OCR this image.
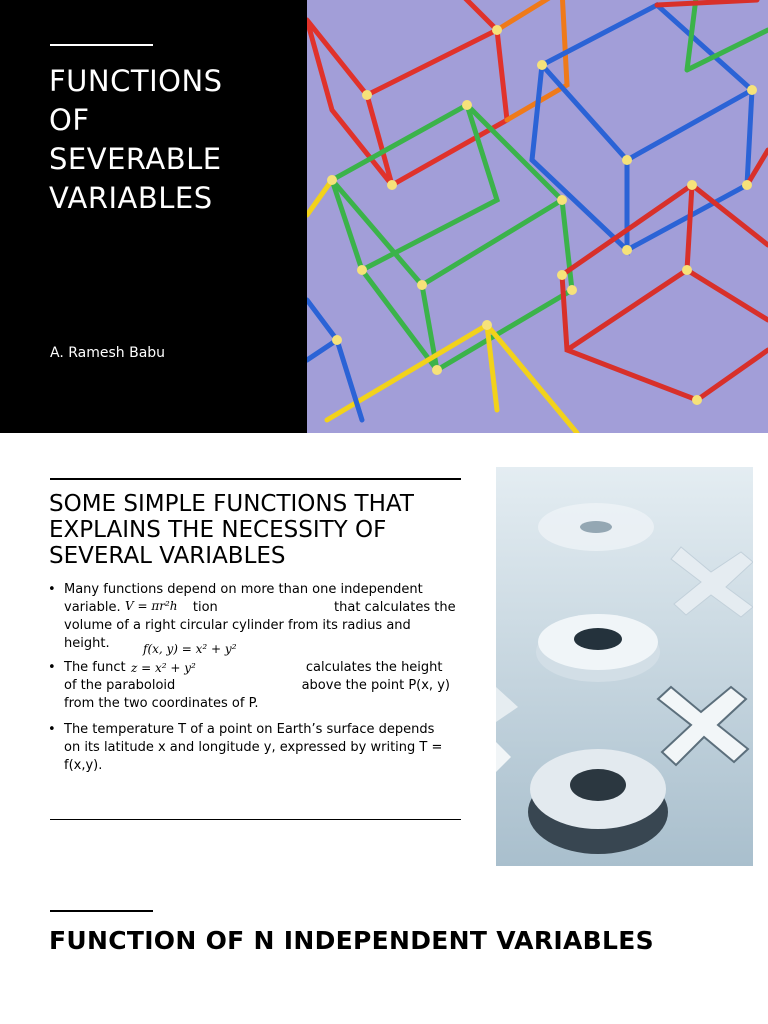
FUNCTIONS
OF
SEVERABLE
VARIABLES
A. Ramesh Babu
SOME SIMPLE FUNCTIONS THAT EXPLAINS THE NECESSITY OF SEVERAL VARIABLES
• Many functions depend on more than one independent
variable.	tion	that calculates the
volume of a right circular cylinder from its radius and
height.
• The funct	calculates the height
of the paraboloid	above the point P(x, y)
from the two coordinates of P.
• The temperature T of a point on Earth’s surface depends
on its latitude x and longitude y, expressed by writing T =
f(x,y).
V = πr²h
f(x, y) = x² + y²
z = x² + y²
FUNCTION OF N INDEPENDENT VARIABLES
